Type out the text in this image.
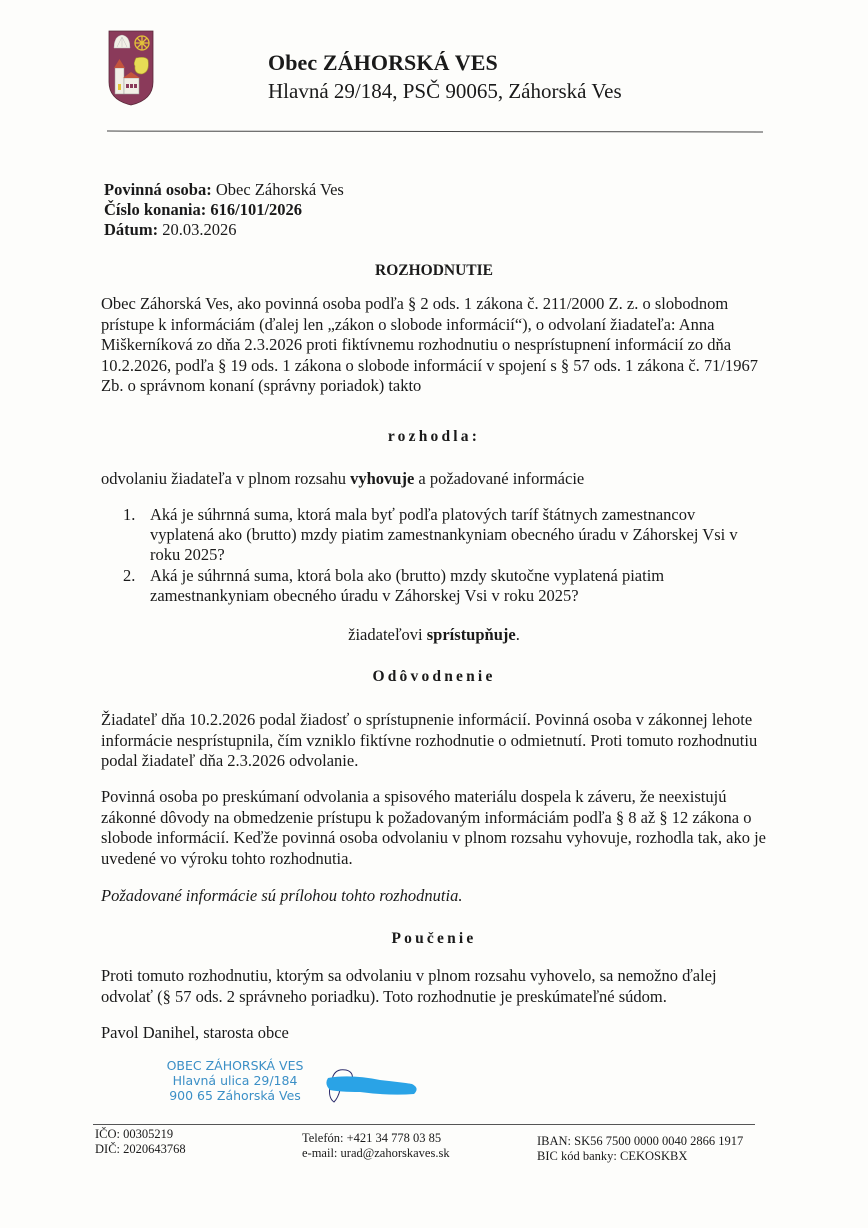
Obec ZÁHORSKÁ VES
Hlavná 29/184, PSČ 90065, Záhorská Ves
Povinná osoba: Obec Záhorská Ves
Číslo konania: 616/101/2026
Dátum: 20.03.2026
ROZHODNUTIE
Obec Záhorská Ves, ako povinná osoba podľa § 2 ods. 1 zákona č. 211/2000 Z. z. o slobodnom prístupe k informáciám (ďalej len „zákon o slobode informácií“), o odvolaní žiadateľa: Anna Miškerníková zo dňa 2.3.2026 proti fiktívnemu rozhodnutiu o nesprístupnení informácií zo dňa 10.2.2026, podľa § 19 ods. 1 zákona o slobode informácií v spojení s § 57 ods. 1 zákona č. 71/1967 Zb. o správnom konaní (správny poriadok) takto
rozhodla:
odvolaniu žiadateľa v plnom rozsahu vyhovuje a požadované informácie
1. Aká je súhrnná suma, ktorá mala byť podľa platových taríf štátnych zamestnancov vyplatená ako (brutto) mzdy piatim zamestnankyniam obecného úradu v Záhorskej Vsi v roku 2025?
2. Aká je súhrnná suma, ktorá bola ako (brutto) mzdy skutočne vyplatená piatim zamestnankyniam obecného úradu v Záhorskej Vsi v roku 2025?
žiadateľovi sprístupňuje.
Odôvodnenie
Žiadateľ dňa 10.2.2026 podal žiadosť o sprístupnenie informácií. Povinná osoba v zákonnej lehote informácie nesprístupnila, čím vzniklo fiktívne rozhodnutie o odmietnutí. Proti tomuto rozhodnutiu podal žiadateľ dňa 2.3.2026 odvolanie.
Povinná osoba po preskúmaní odvolania a spisového materiálu dospela k záveru, že neexistujú zákonné dôvody na obmedzenie prístupu k požadovaným informáciám podľa § 8 až § 12 zákona o slobode informácií. Keďže povinná osoba odvolaniu v plnom rozsahu vyhovuje, rozhodla tak, ako je uvedené vo výroku tohto rozhodnutia.
Požadované informácie sú prílohou tohto rozhodnutia.
Poučenie
Proti tomuto rozhodnutiu, ktorým sa odvolaniu v plnom rozsahu vyhovelo, sa nemožno ďalej odvolať (§ 57 ods. 2 správneho poriadku). Toto rozhodnutie je preskúmateľné súdom.
Pavol Danihel, starosta obce
OBEC ZÁHORSKÁ VES
Hlavná ulica 29/184
900 65 Záhorská Ves
IČO: 00305219
DIČ: 2020643768
Telefón: +421 34 778 03 85
e-mail: urad@zahorskaves.sk
IBAN: SK56 7500 0000 0040 2866 1917
BIC kód banky: CEKOSKBX
